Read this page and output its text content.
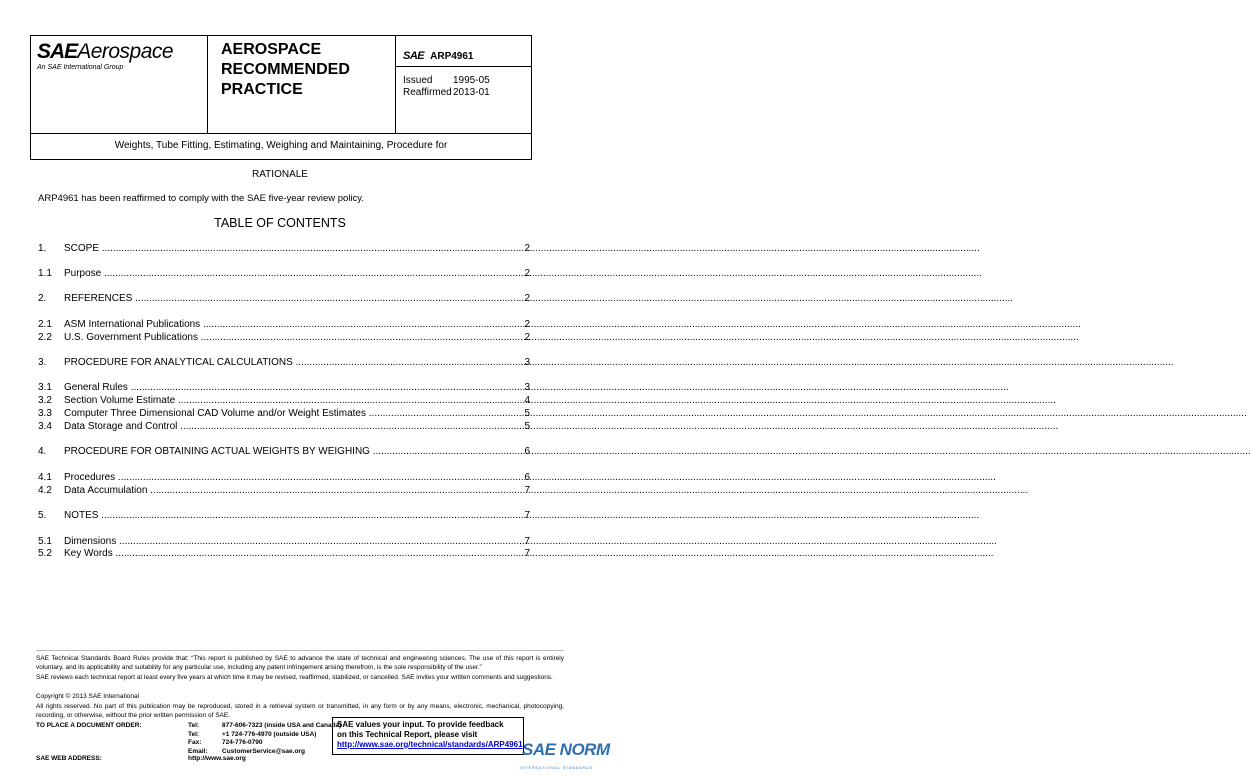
SAEAerospace
An SAE International Group
AEROSPACE
RECOMMENDED
PRACTICE
SAE ARP4961
Issued 1995-05
Reaffirmed2013-01
Weights, Tube Fitting, Estimating, Weighing and Maintaining, Procedure for
RATIONALE
ARP4961 has been reaffirmed to comply with the SAE five-year review policy.
TABLE OF CONTENTS
1. SCOPE .....	2
1.1 Purpose .....	2
2. REFERENCES .....	2
2.1 ASM International Publications .....	2
2.2 U.S. Government Publications .....	2
3. PROCEDURE FOR ANALYTICAL CALCULATIONS .....	3
3.1 General Rules .....	3
3.2 Section Volume Estimate .....	4
3.3 Computer Three Dimensional CAD Volume and/or Weight Estimates .....	5
3.4 Data Storage and Control .....	5
4. PROCEDURE FOR OBTAINING ACTUAL WEIGHTS BY WEIGHING .....	6
4.1 Procedures .....	6
4.2 Data Accumulation .....	7
5. NOTES .....	7
5.1 Dimensions .....	7
5.2 Key Words .....	7
SAE Technical Standards Board Rules provide that: “This report is published by SAE to advance the state of technical and engineering sciences. The use of this report is entirely voluntary, and its applicability and suitability for any particular use, including any patent infringement arising therefrom, is the sole responsibility of the user.”
SAE reviews each technical report at least every five years at which time it may be revised, reaffirmed, stabilized, or cancelled. SAE invites your written comments and suggestions.
Copyright © 2013 SAE International
All rights reserved. No part of this publication may be reproduced, stored in a retrieval system or transmitted, in any form or by any means, electronic, mechanical, photocopying, recording, or otherwise, without the prior written permission of SAE.
TO PLACE A DOCUMENT ORDER:	Tel:	877-606-7323 (inside USA and Canada)
Tel:	+1 724-776-4970 (outside USA)
Fax:	724-776-0790
Email: CustomerService@sae.org
SAE WEB ADDRESS:	http://www.sae.org
SAE values your input. To provide feedback
on this Technical Report, please visit
http://www.sae.org/technical/standards/ARP4961 SAE NORM
INTERNATIONAL STANDARDS
